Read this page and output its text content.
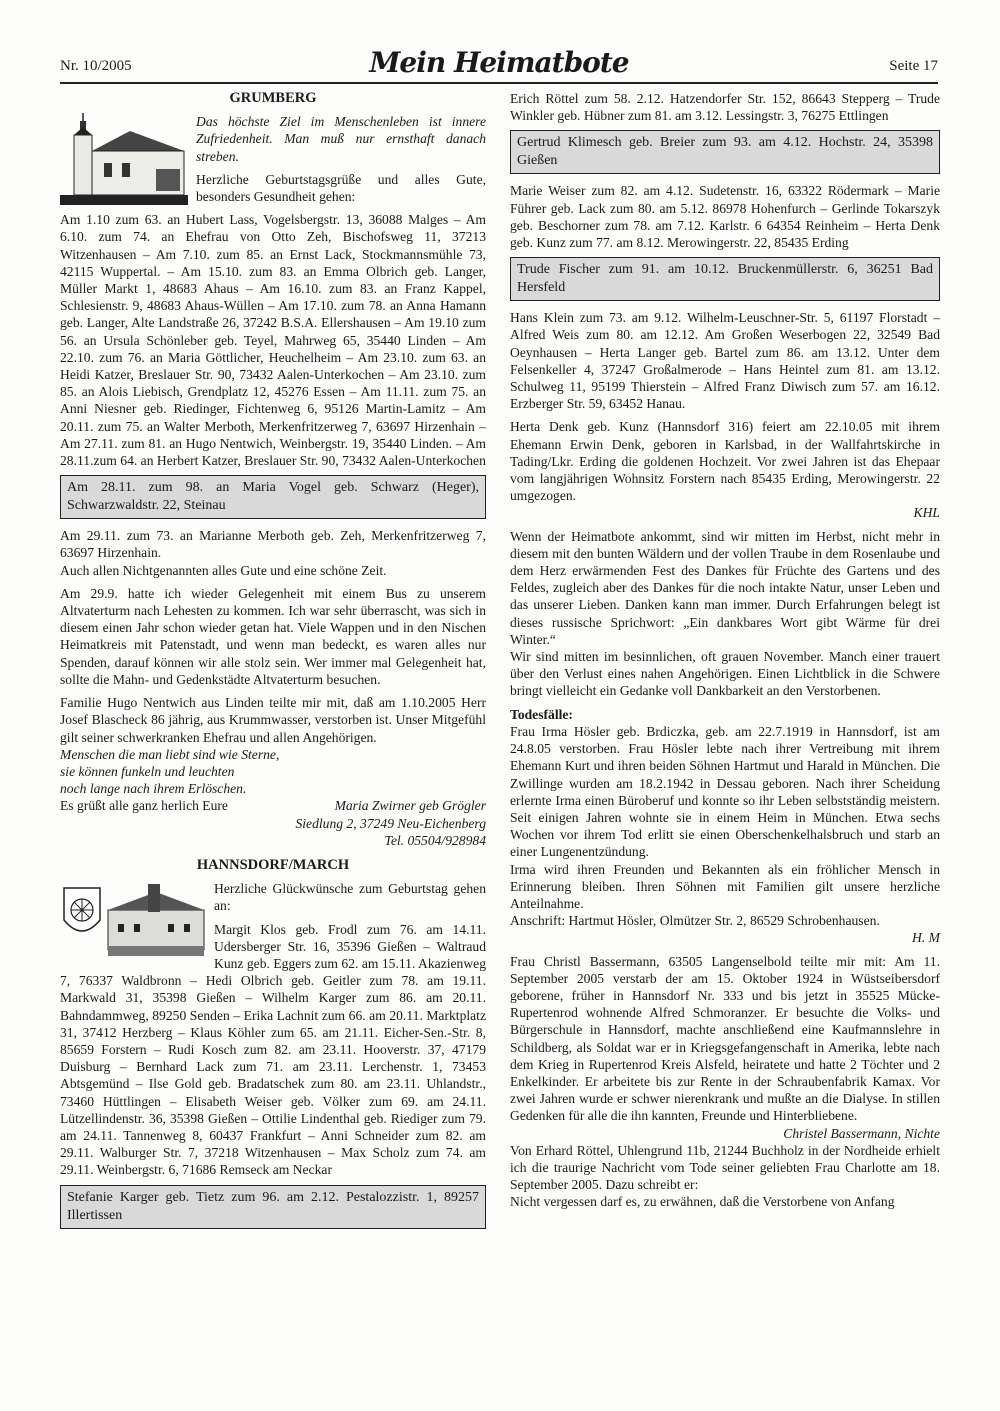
Nr. 10/2005	Mein Heimatbote	Seite 17
GRUMBERG

Das höchste Ziel im Menschenleben ist innere Zufriedenheit. Man muß nur ernsthaft danach streben.

Herzliche Geburtstagsgrüße und alles Gute, besonders Gesundheit gehen:

Am 1.10 zum 63. an Hubert Lass, Vogelsbergstr. 13, 36088 Malges – Am 6.10. zum 74. an Ehefrau von Otto Zeh, Bischofsweg 11, 37213 Witzenhausen – Am 7.10. zum 85. an Ernst Lack, Stockmannsmühle 73, 42115 Wuppertal. – Am 15.10. zum 83. an Emma Olbrich geb. Langer, Müller Markt 1, 48683 Ahaus – Am 16.10. zum 83. an Franz Kappel, Schlesienstr. 9, 48683 Ahaus-Wüllen – Am 17.10. zum 78. an Anna Hamann geb. Langer, Alte Landstraße 26, 37242 B.S.A. Ellershausen – Am 19.10 zum 56. an Ursula Schönleber geb. Teyel, Mahrweg 65, 35440 Linden – Am 22.10. zum 76. an Maria Göttlicher, Heuchelheim – Am 23.10. zum 63. an Heidi Katzer, Breslauer Str. 90, 73432 Aalen-Unterkochen – Am 23.10. zum 85. an Alois Liebisch, Grendplatz 12, 45276 Essen – Am 11.11. zum 75. an Anni Niesner geb. Riedinger, Fichtenweg 6, 95126 Martin-Lamitz – Am 20.11. zum 75. an Walter Merboth, Merkenfritzerweg 7, 63697 Hirzenhain – Am 27.11. zum 81. an Hugo Nentwich, Weinbergstr. 19, 35440 Linden. – Am 28.11.zum 64. an Herbert Katzer, Breslauer Str. 90, 73432 Aalen-Unterkochen

Am 28.11. zum 98. an Maria Vogel geb. Schwarz (Heger), Schwarzwaldstr. 22, Steinau

Am 29.11. zum 73. an Marianne Merboth geb. Zeh, Merkenfritzerweg 7, 63697 Hirzenhain.

Auch allen Nichtgenannten alles Gute und eine schöne Zeit.

Am 29.9. hatte ich wieder Gelegenheit mit einem Bus zu unserem Altvaterturm nach Lehesten zu kommen. Ich war sehr überrascht, was sich in diesem einen Jahr schon wieder getan hat. Viele Wappen und in den Nischen Heimatkreis mit Patenstadt, und wenn man bedeckt, es waren alles nur Spenden, darauf können wir alle stolz sein. Wer immer mal Gelegenheit hat, sollte die Mahn- und Gedenkstädte Altvaterturm besuchen.

Familie Hugo Nentwich aus Linden teilte mir mit, daß am 1.10.2005 Herr Josef Blascheck 86 jährig, aus Krummwasser, verstorben ist. Unser Mitgefühl gilt seiner schwerkranken Ehefrau und allen Angehörigen.

Menschen die man liebt sind wie Sterne,
sie können funkeln und leuchten
noch lange nach ihrem Erlöschen.
Es grüßt alle ganz herlich Eure	Maria Zwirner geb Grögler
Siedlung 2, 37249 Neu-Eichenberg
Tel. 05504/928984
HANNSDORF/MARCH

Herzliche Glückwünsche zum Geburtstag gehen an:

Margit Klos geb. Frodl zum 76. am 14.11. Udersberger Str. 16, 35396 Gießen – Waltraud Kunz geb. Eggers zum 62. am 15.11. Akazienweg 7, 76337 Waldbronn – Hedi Olbrich geb. Geitler zum 78. am 19.11. Markwald 31, 35398 Gießen – Wilhelm Karger zum 86. am 20.11. Bahndammweg, 89250 Senden – Erika Lachnit zum 66. am 20.11. Marktplatz 31, 37412 Herzberg – Klaus Köhler zum 65. am 21.11. Eicher-Sen.-Str. 8, 85659 Forstern – Rudi Kosch zum 82. am 23.11. Hooverstr. 37, 47179 Duisburg – Bernhard Lack zum 71. am 23.11. Lerchenstr. 1, 73453 Abtsgemünd – Ilse Gold geb. Bradatschek zum 80. am 23.11. Uhlandstr., 73460 Hüttlingen – Elisabeth Weiser geb. Völker zum 69. am 24.11. Lützellindenstr. 36, 35398 Gießen – Ottilie Lindenthal geb. Riediger zum 79. am 24.11. Tannenweg 8, 60437 Frankfurt – Anni Schneider zum 82. am 29.11. Walburger Str. 7, 37218 Witzenhausen – Max Scholz zum 74. am 29.11. Weinbergstr. 6, 71686 Remseck am Neckar

Stefanie Karger geb. Tietz zum 96. am 2.12. Pestalozzistr. 1, 89257 Illertissen

Erich Röttel zum 58. 2.12. Hatzendorfer Str. 152, 86643 Stepperg – Trude Winkler geb. Hübner zum 81. am 3.12. Lessingstr. 3, 76275 Ettlingen

Gertrud Klimesch geb. Breier zum 93. am 4.12. Hochstr. 24, 35398 Gießen

Marie Weiser zum 82. am 4.12. Sudetenstr. 16, 63322 Rödermark – Marie Führer geb. Lack zum 80. am 5.12. 86978 Hohenfurch – Gerlinde Tokarszyk geb. Beschorner zum 78. am 7.12. Karlstr. 6 64354 Reinheim – Herta Denk geb. Kunz zum 77. am 8.12. Merowingerstr. 22, 85435 Erding

Trude Fischer zum 91. am 10.12. Bruckenmüllerstr. 6, 36251 Bad Hersfeld

Hans Klein zum 73. am 9.12. Wilhelm-Leuschner-Str. 5, 61197 Florstadt – Alfred Weis zum 80. am 12.12. Am Großen Weserbogen 22, 32549 Bad Oeynhausen – Herta Langer geb. Bartel zum 86. am 13.12. Unter dem Felsenkeller 4, 37247 Großalmerode – Hans Heintel zum 81. am 13.12. Schulweg 11, 95199 Thierstein – Alfred Franz Diwisch zum 57. am 16.12. Erzberger Str. 59, 63452 Hanau.

Herta Denk geb. Kunz (Hannsdorf 316) feiert am 22.10.05 mit ihrem Ehemann Erwin Denk, geboren in Karlsbad, in der Wallfahrtskirche in Tading/Lkr. Erding die goldenen Hochzeit. Vor zwei Jahren ist das Ehepaar vom langjährigen Wohnsitz Forstern nach 85435 Erding, Merowingerstr. 22 umgezogen.

KHL

Wenn der Heimatbote ankommt, sind wir mitten im Herbst, nicht mehr in diesem mit den bunten Wäldern und der vollen Traube in dem Rosenlaube und dem Herz erwärmenden Fest des Dankes für Früchte des Gartens und des Feldes, zugleich aber des Dankes für die noch intakte Natur, unser Leben und das unserer Lieben. Danken kann man immer. Durch Erfahrungen belegt ist dieses russische Sprichwort: „Ein dankbares Wort gibt Wärme für drei Winter.“

Wir sind mitten im besinnlichen, oft grauen November. Manch einer trauert über den Verlust eines nahen Angehörigen. Einen Lichtblick in die Schwere bringt vielleicht ein Gedanke voll Dankbarkeit an den Verstorbenen.

Todesfälle:

Frau Irma Hösler geb. Brdiczka, geb. am 22.7.1919 in Hannsdorf, ist am 24.8.05 verstorben. Frau Hösler lebte nach ihrer Vertreibung mit ihrem Ehemann Kurt und ihren beiden Söhnen Hartmut und Harald in München. Die Zwillinge wurden am 18.2.1942 in Dessau geboren. Nach ihrer Scheidung erlernte Irma einen Büroberuf und konnte so ihr Leben selbstständig meistern. Seit einigen Jahren wohnte sie in einem Heim in München. Etwa sechs Wochen vor ihrem Tod erlitt sie einen Oberschenkelhalsbruch und starb an einer Lungenentzündung.

Irma wird ihren Freunden und Bekannten als ein fröhlicher Mensch in Erinnerung bleiben. Ihren Söhnen mit Familien gilt unsere herzliche Anteilnahme.

Anschrift: Hartmut Hösler, Olmützer Str. 2, 86529 Schrobenhausen.

H. M

Frau Christl Bassermann, 63505 Langenselbold teilte mir mit: Am 11. September 2005 verstarb der am 15. Oktober 1924 in Wüstseibersdorf geborene, früher in Hannsdorf Nr. 333 und bis jetzt in 35525 Mücke-Rupertenrod wohnende Alfred Schmoranzer. Er besuchte die Volks- und Bürgerschule in Hannsdorf, machte anschließend eine Kaufmannslehre in Schildberg, als Soldat war er in Kriegsgefangenschaft in Amerika, lebte nach dem Krieg in Rupertenrod Kreis Alsfeld, heiratete und hatte 2 Töchter und 2 Enkelkinder. Er arbeitete bis zur Rente in der Schraubenfabrik Kamax. Vor zwei Jahren wurde er schwer nierenkrank und mußte an die Dialyse. In stillen Gedenken für alle die ihn kannten, Freunde und Hinterbliebene.

Christel Bassermann, Nichte

Von Erhard Röttel, Uhlengrund 11b, 21244 Buchholz in der Nordheide erhielt ich die traurige Nachricht vom Tode seiner geliebten Frau Charlotte am 18. September 2005. Dazu schreibt er:

Nicht vergessen darf es, zu erwähnen, daß die Verstorbene von Anfang
